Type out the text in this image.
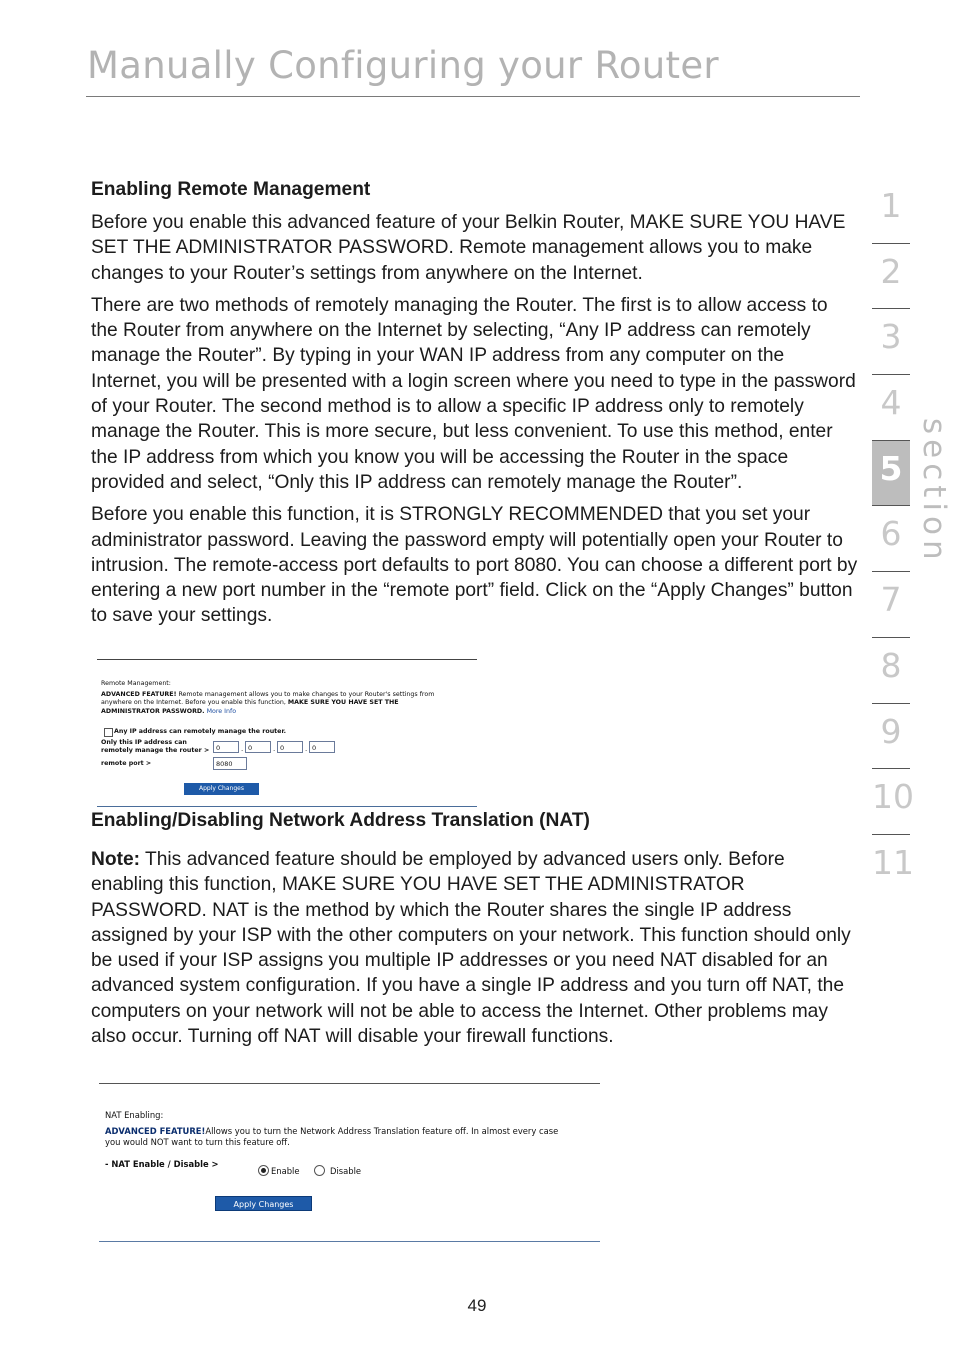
Manually Configuring your Router
Enabling Remote Management

Before you enable this advanced feature of your Belkin Router, MAKE SURE YOU HAVE SET THE ADMINISTRATOR PASSWORD. Remote management allows you to make changes to your Router’s settings from anywhere on the Internet.

There are two methods of remotely managing the Router. The first is to allow access to the Router from anywhere on the Internet by selecting, “Any IP address can remotely manage the Router”. By typing in your WAN IP address from any computer on the Internet, you will be presented with a login screen where you need to type in the password of your Router. The second method is to allow a specific IP address only to remotely manage the Router. This is more secure, but less convenient. To use this method, enter the IP address from which you know you will be accessing the Router in the space provided and select, “Only this IP address can remotely manage the Router”.

Before you enable this function, it is STRONGLY RECOMMENDED that you set your administrator password. Leaving the password empty will potentially open your Router to intrusion. The remote-access port defaults to port 8080. You can choose a different port by entering a new port number in the “remote port” field. Click on the “Apply Changes” button to save your settings.

Remote Management:
ADVANCED FEATURE! Remote management allows you to make changes to your Router's settings from
anywhere on the Internet. Before you enable this function, MAKE SURE YOU HAVE SET THE
ADMINISTRATOR PASSWORD. More Info
Any IP address can remotely manage the router.
Only this IP address can
remotely manage the router >	0	. 0	. 0	. 0
remote port >	8080
Apply Changes
Enabling/Disabling Network Address Translation (NAT)

Note: This advanced feature should be employed by advanced users only. Before enabling this function, MAKE SURE YOU HAVE SET THE ADMINISTRATOR PASSWORD. NAT is the method by which the Router shares the single IP address assigned by your ISP with the other computers on your network. This function should only be used if your ISP assigns you multiple IP addresses or you need NAT disabled for an advanced system configuration. If you have a single IP address and you turn off NAT, the computers on your network will not be able to access the Internet. Other problems may also occur. Turning off NAT will disable your firewall functions.

NAT Enabling:
ADVANCED FEATURE!Allows you to turn the Network Address Translation feature off. In almost every case
you would NOT want to turn this feature off.
- NAT Enable / Disable >
Enable	Disable
Apply Changes
1
2
3
4
5
6
7
8
9
10
11
section
49
